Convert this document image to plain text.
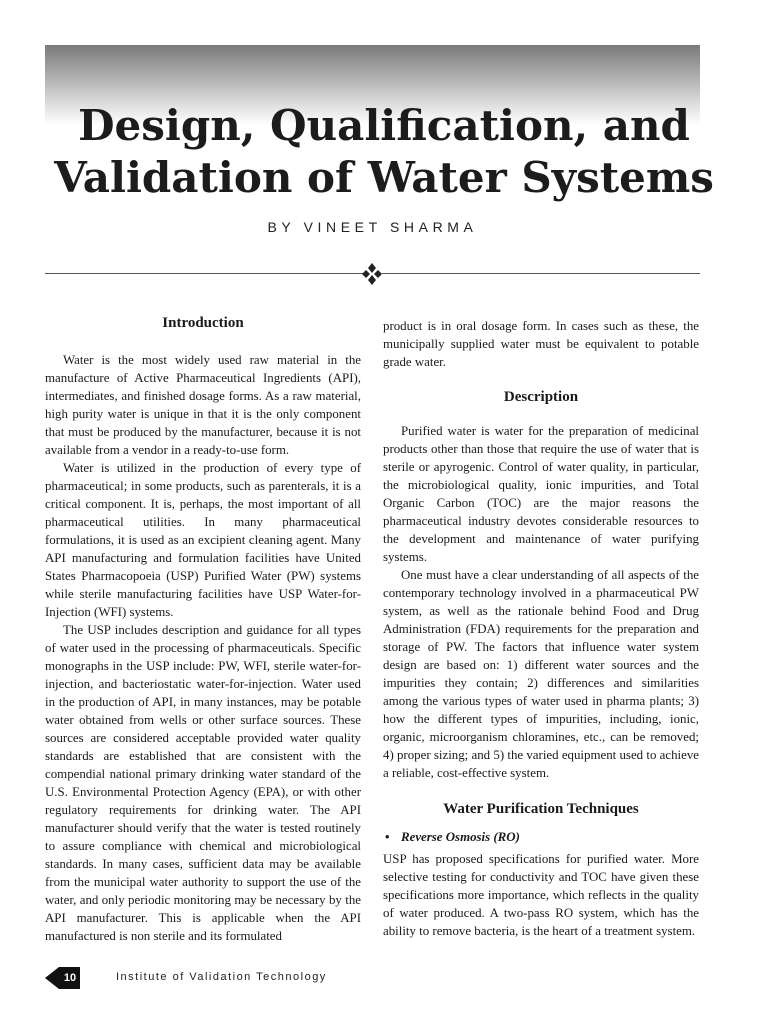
Design, Qualification, and
Validation of Water Systems
BY VINEET SHARMA
Introduction

Water is the most widely used raw material in the manufacture of Active Pharmaceutical Ingredients (API), intermediates, and finished dosage forms. As a raw material, high purity water is unique in that it is the only component that must be produced by the manufacturer, because it is not available from a vendor in a ready-to-use form.

Water is utilized in the production of every type of pharmaceutical; in some products, such as parenterals, it is a critical component. It is, perhaps, the most important of all pharmaceutical utilities. In many pharmaceutical formulations, it is used as an excipient cleaning agent. Many API manufacturing and formulation facilities have United States Pharmacopoeia (USP) Purified Water (PW) systems while sterile manufacturing facilities have USP Water-for-Injection (WFI) systems.

The USP includes description and guidance for all types of water used in the processing of pharmaceuticals. Specific monographs in the USP include: PW, WFI, sterile water-for-injection, and bacteriostatic water-for-injection. Water used in the production of API, in many instances, may be potable water obtained from wells or other surface sources. These sources are considered acceptable provided water quality standards are established that are consistent with the compendial national primary drinking water standard of the U.S. Environmental Protection Agency (EPA), or with other regulatory requirements for drinking water. The API manufacturer should verify that the water is tested routinely to assure compliance with chemical and microbiological standards. In many cases, sufficient data may be available from the municipal water authority to support the use of the water, and only periodic monitoring may be necessary by the API manufacturer. This is applicable when the API manufactured is non sterile and its formulated

product is in oral dosage form. In cases such as these, the municipally supplied water must be equivalent to potable grade water.

Description

Purified water is water for the preparation of medicinal products other than those that require the use of water that is sterile or apyrogenic. Control of water quality, in particular, the microbiological quality, ionic impurities, and Total Organic Carbon (TOC) are the major reasons the pharmaceutical industry devotes considerable resources to the development and maintenance of water purifying systems.

One must have a clear understanding of all aspects of the contemporary technology involved in a pharmaceutical PW system, as well as the rationale behind Food and Drug Administration (FDA) requirements for the preparation and storage of PW. The factors that influence water system design are based on: 1) different water sources and the impurities they contain; 2) differences and similarities among the various types of water used in pharma plants; 3) how the different types of impurities, including, ionic, organic, microorganism chloramines, etc., can be removed; 4) proper sizing; and 5) the varied equipment used to achieve a reliable, cost-effective system.

Water Purification Techniques
• Reverse Osmosis (RO)

USP has proposed specifications for purified water. More selective testing for conductivity and TOC have given these specifications more importance, which reflects in the quality of water produced. A two-pass RO system, which has the ability to remove bacteria, is the heart of a treatment system.

10	Institute of Validation Technology
